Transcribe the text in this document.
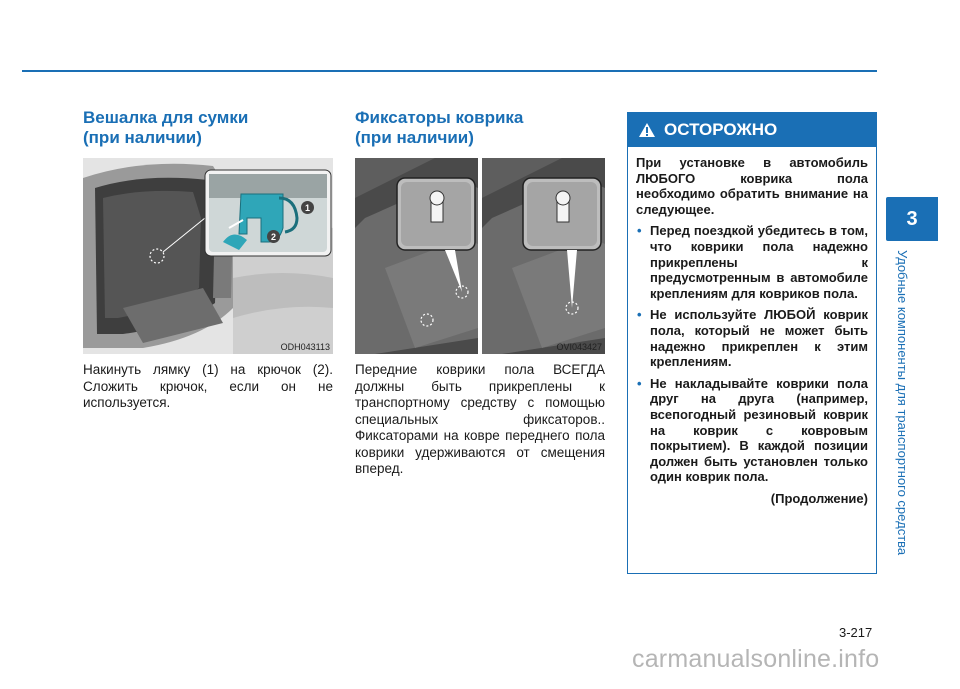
Вешалка для сумки
(при наличии)
1
2
ODH043113

Накинуть лямку (1) на крючок (2). Сложить крючок, если он не используется.

Фиксаторы коврика
(при наличии)
OVI043427

Передние коврики пола ВСЕГДА должны быть прикреплены к транспортному средству с помощью специальных фиксаторов.. Фиксаторами на коврe переднего пола коврики удерживаются от смещения вперед.

ОСТОРОЖНО

При установке в автомобиль ЛЮБОГО коврика пола необходимо обратить внимание на следующее.

• Перед поездкой убедитесь в том, что коврики пола надежно прикреплены к предусмотренным в автомобиле креплениям для ковриков пола.
• Не используйте ЛЮБОЙ коврик пола, который не может быть надежно прикреплен к этим креплениям.
• Не накладывайте коврики пола друг на друга (например, всепогодный резиновый коврик на коврик с ковровым покрытием). В каждой позиции должен быть установлен только один коврик пола.
(Продолжение)
3
Удобные компоненты для транспортного средства
3-217
carmanualsonline.info
